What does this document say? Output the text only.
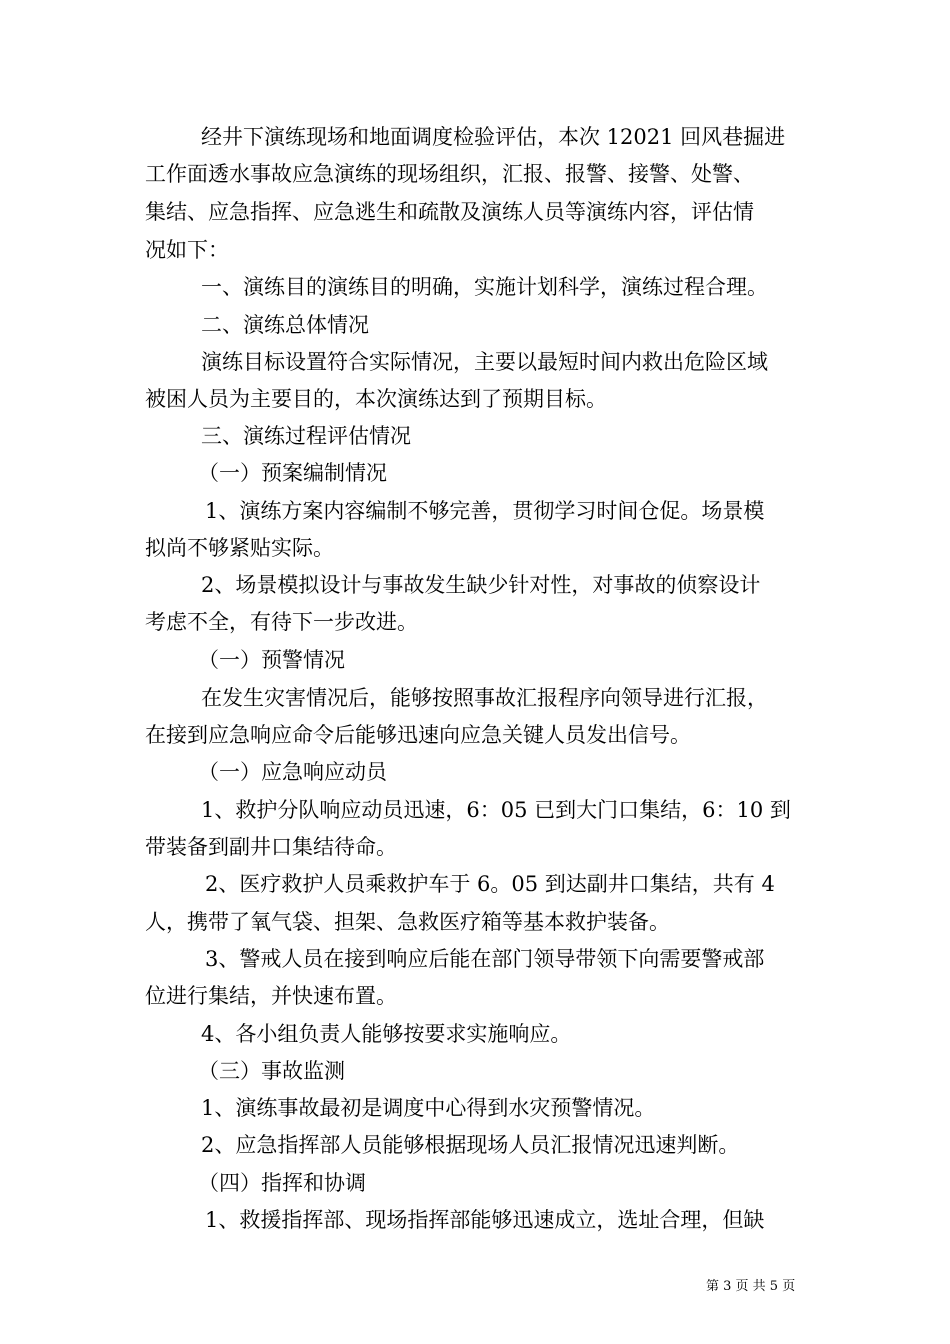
经井下演练现场和地面调度检验评估，本次 12021 回风巷掘进
工作面透水事故应急演练的现场组织，汇报、报警、接警、处警、
集结、应急指挥、应急逃生和疏散及演练人员等演练内容，评估情
况如下：
一、演练目的演练目的明确，实施计划科学，演练过程合理。
二、演练总体情况
演练目标设置符合实际情况，主要以最短时间内救出危险区域
被困人员为主要目的，本次演练达到了预期目标。
三、演练过程评估情况
（一）预案编制情况
1、演练方案内容编制不够完善，贯彻学习时间仓促。场景模
拟尚不够紧贴实际。
2、场景模拟设计与事故发生缺少针对性，对事故的侦察设计
考虑不全，有待下一步改进。
（一）预警情况
在发生灾害情况后，能够按照事故汇报程序向领导进行汇报，
在接到应急响应命令后能够迅速向应急关键人员发出信号。
（一）应急响应动员
1、救护分队响应动员迅速，6：05 已到大门口集结，6：10 到
带装备到副井口集结待命。
2、医疗救护人员乘救护车于 6。05 到达副井口集结，共有 4
人，携带了氧气袋、担架、急救医疗箱等基本救护装备。
3、警戒人员在接到响应后能在部门领导带领下向需要警戒部
位进行集结，并快速布置。
4、各小组负责人能够按要求实施响应。
（三）事故监测
1、演练事故最初是调度中心得到水灾预警情况。
2、应急指挥部人员能够根据现场人员汇报情况迅速判断。
（四）指挥和协调
1、救援指挥部、现场指挥部能够迅速成立，选址合理，但缺
第 3 页 共 5 页
